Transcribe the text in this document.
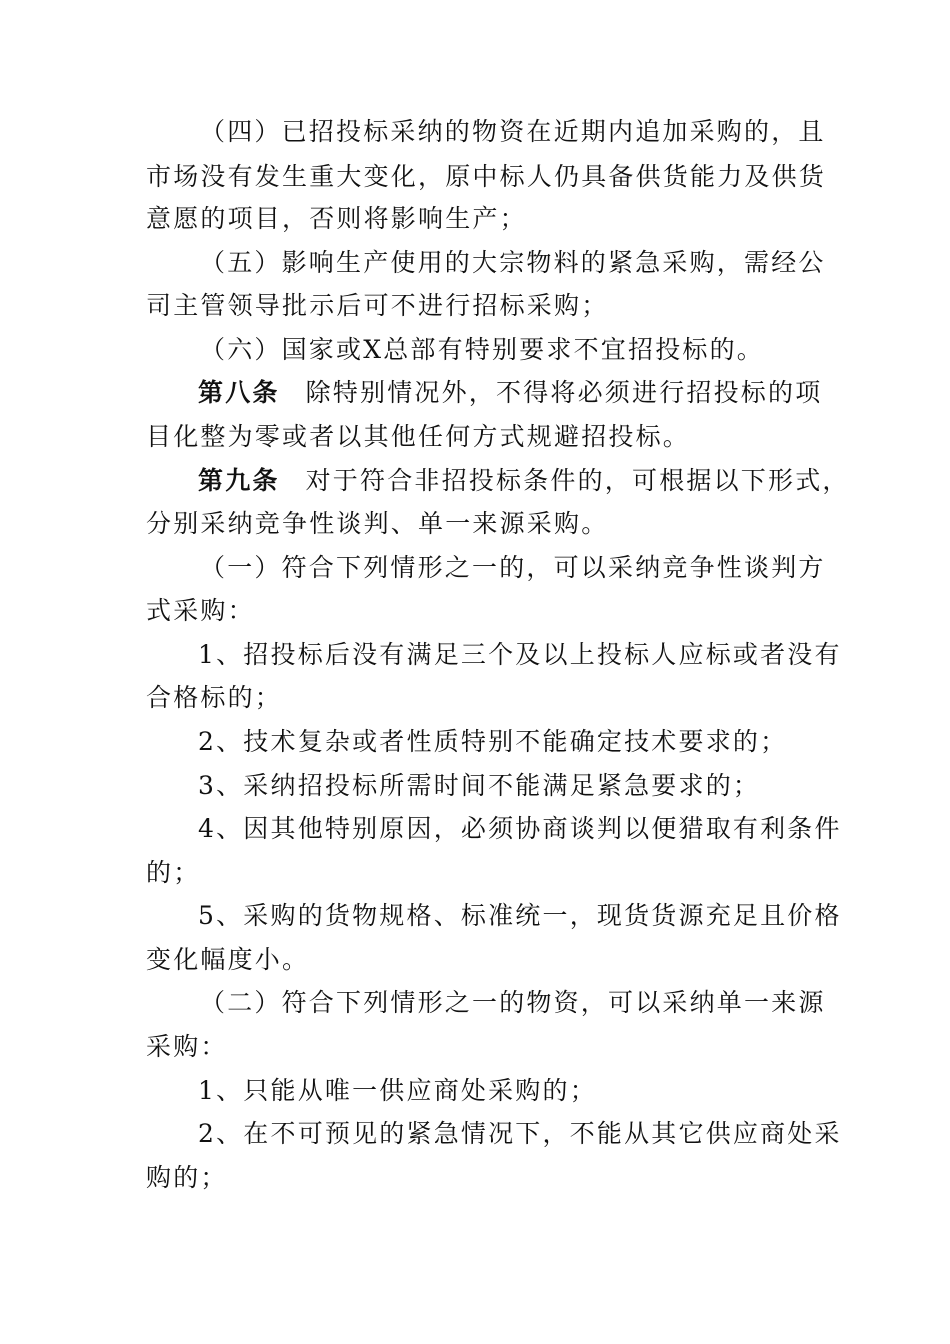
（四）已招投标采纳的物资在近期内追加采购的，且
市场没有发生重大变化，原中标人仍具备供货能力及供货
意愿的项目，否则将影响生产；
（五）影响生产使用的大宗物料的紧急采购，需经公
司主管领导批示后可不进行招标采购；
（六）国家或X总部有特别要求不宜招投标的。
第八条 除特别情况外，不得将必须进行招投标的项
目化整为零或者以其他任何方式规避招投标。
第九条 对于符合非招投标条件的，可根据以下形式，
分别采纳竞争性谈判、单一来源采购。
（一）符合下列情形之一的，可以采纳竞争性谈判方
式采购：
1、招投标后没有满足三个及以上投标人应标或者没有
合格标的；
2、技术复杂或者性质特别不能确定技术要求的；
3、采纳招投标所需时间不能满足紧急要求的；
4、因其他特别原因，必须协商谈判以便猎取有利条件
的；
5、采购的货物规格、标准统一，现货货源充足且价格
变化幅度小。
（二）符合下列情形之一的物资，可以采纳单一来源
采购：
1、只能从唯一供应商处采购的；
2、在不可预见的紧急情况下，不能从其它供应商处采
购的；
